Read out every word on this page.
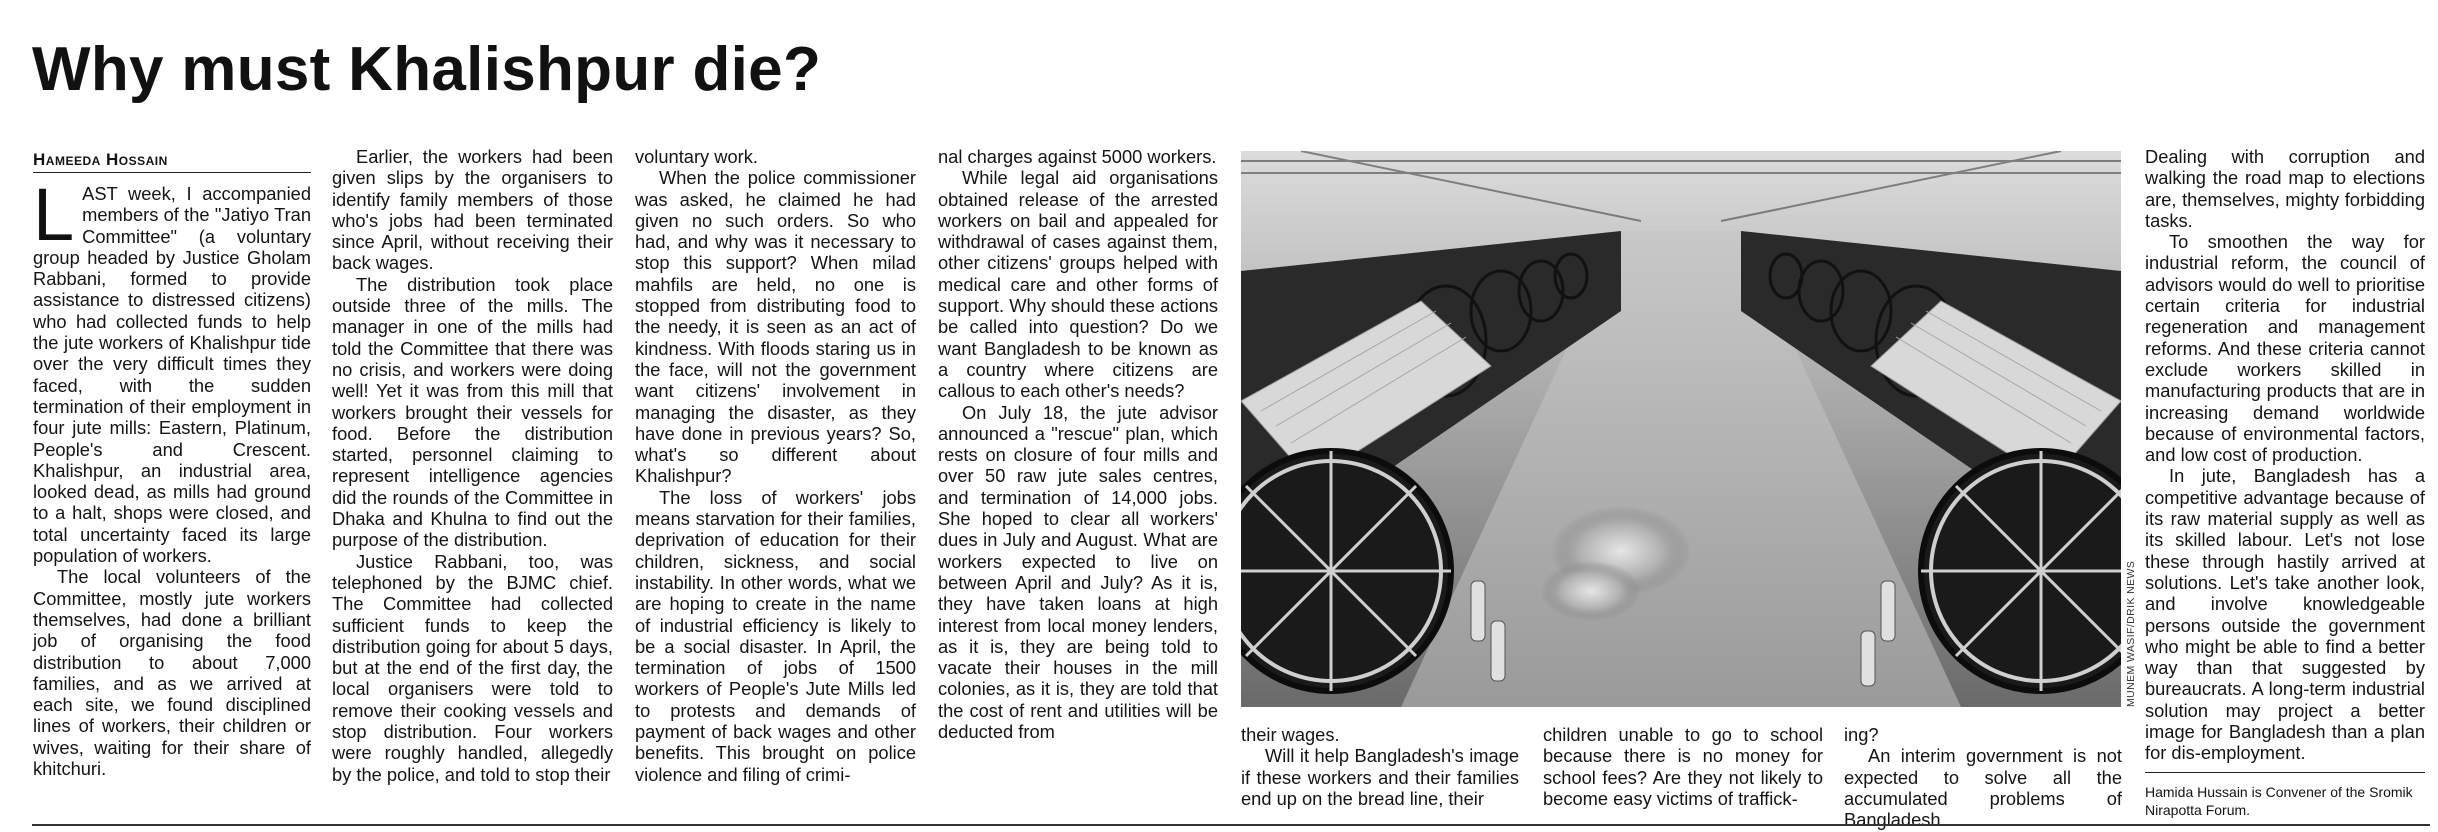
Why must Khalishpur die?
Hameeda Hossain

LAST week, I accompanied members of the "Jatiyo Tran Committee" (a voluntary group headed by Justice Gholam Rabbani, formed to provide assistance to distressed citizens) who had collected funds to help the jute workers of Khalishpur tide over the very difficult times they faced, with the sudden termination of their employment in four jute mills: Eastern, Platinum, People's and Crescent. Khalishpur, an industrial area, looked dead, as mills had ground to a halt, shops were closed, and total uncertainty faced its large population of workers.

The local volunteers of the Committee, mostly jute workers themselves, had done a brilliant job of organising the food distribution to about 7,000 families, and as we arrived at each site, we found disciplined lines of workers, their children or wives, waiting for their share of khitchuri.

Earlier, the workers had been given slips by the organisers to identify family members of those who's jobs had been terminated since April, without receiving their back wages.

The distribution took place outside three of the mills. The manager in one of the mills had told the Committee that there was no crisis, and workers were doing well! Yet it was from this mill that workers brought their vessels for food. Before the distribution started, personnel claiming to represent intelligence agencies did the rounds of the Committee in Dhaka and Khulna to find out the purpose of the distribution.

Justice Rabbani, too, was telephoned by the BJMC chief. The Committee had collected sufficient funds to keep the distribution going for about 5 days, but at the end of the first day, the local organisers were told to remove their cooking vessels and stop distribution. Four workers were roughly handled, allegedly by the police, and told to stop their

voluntary work.

When the police commissioner was asked, he claimed he had given no such orders. So who had, and why was it necessary to stop this support? When milad mahfils are held, no one is stopped from distributing food to the needy, it is seen as an act of kindness. With floods staring us in the face, will not the government want citizens' involvement in managing the disaster, as they have done in previous years? So, what's so different about Khalishpur?

The loss of workers' jobs means starvation for their families, deprivation of education for their children, sickness, and social instability. In other words, what we are hoping to create in the name of industrial efficiency is likely to be a social disaster. In April, the termination of jobs of 1500 workers of People's Jute Mills led to protests and demands of payment of back wages and other benefits. This brought on police violence and filing of crimi-

nal charges against 5000 workers.

While legal aid organisations obtained release of the arrested workers on bail and appealed for withdrawal of cases against them, other citizens' groups helped with medical care and other forms of support. Why should these actions be called into question? Do we want Bangladesh to be known as a country where citizens are callous to each other's needs?

On July 18, the jute advisor announced a "rescue" plan, which rests on closure of four mills and over 50 raw jute sales centres, and termination of 14,000 jobs. She hoped to clear all workers' dues in July and August. What are workers expected to live on between April and July? As it is, they have taken loans at high interest from local money lenders, as it is, they are being told to vacate their houses in the mill colonies, as it is, they are told that the cost of rent and utilities will be deducted from

MUNEM WASIF/DRIK NEWS

their wages.

Will it help Bangladesh's image if these workers and their families end up on the bread line, their

children unable to go to school because there is no money for school fees? Are they not likely to become easy victims of traffick-

ing?

An interim government is not expected to solve all the accumulated problems of Bangladesh.

Dealing with corruption and walking the road map to elections are, themselves, mighty forbidding tasks.

To smoothen the way for industrial reform, the council of advisors would do well to prioritise certain criteria for industrial regeneration and management reforms. And these criteria cannot exclude workers skilled in manufacturing products that are in increasing demand worldwide because of environmental factors, and low cost of production.

In jute, Bangladesh has a competitive advantage because of its raw material supply as well as its skilled labour. Let's not lose these through hastily arrived at solutions. Let's take another look, and involve knowledgeable persons outside the government who might be able to find a better way than that suggested by bureaucrats. A long-term industrial solution may project a better image for Bangladesh than a plan for dis-employment.

Hamida Hussain is Convener of the Sromik Nirapotta Forum.
